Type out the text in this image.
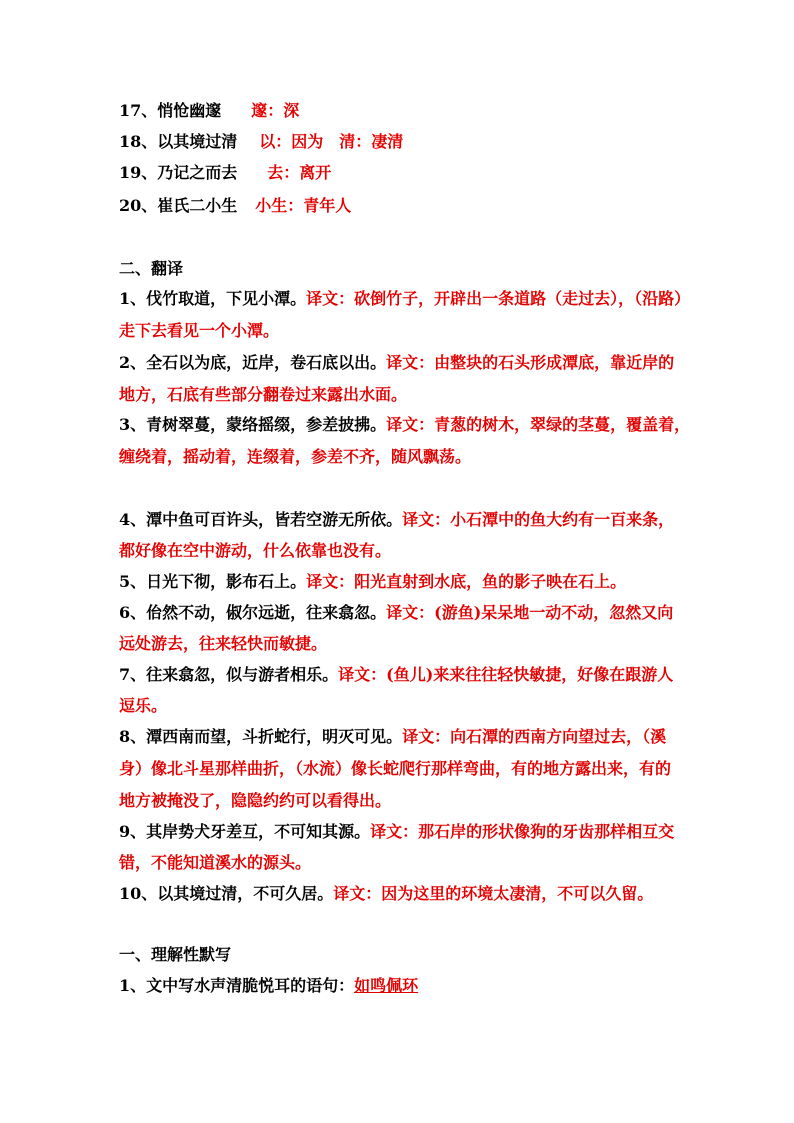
17、悄怆幽邃 邃：深
18、以其境过清 以：因为　清：凄清
19、乃记之而去 去：离开
20、崔氏二小生 小生：青年人
二、翻译
1、伐竹取道，下见小潭。译文：砍倒竹子，开辟出一条道路（走过去），（沿路）
走下去看见一个小潭。
2、全石以为底，近岸，卷石底以出。译文：由整块的石头形成潭底，靠近岸的
地方，石底有些部分翻卷过来露出水面。
3、青树翠蔓，蒙络摇缀，参差披拂。译文：青葱的树木，翠绿的茎蔓，覆盖着，
缠绕着，摇动着，连缀着，参差不齐，随风飘荡。
4、潭中鱼可百许头，皆若空游无所依。译文：小石潭中的鱼大约有一百来条，
都好像在空中游动，什么依靠也没有。
5、日光下彻，影布石上。译文：阳光直射到水底，鱼的影子映在石上。
6、佁然不动，俶尔远逝，往来翕忽。译文：(游鱼)呆呆地一动不动，忽然又向
远处游去，往来轻快而敏捷。
7、往来翕忽，似与游者相乐。译文：(鱼儿)来来往往轻快敏捷，好像在跟游人
逗乐。
8、潭西南而望，斗折蛇行，明灭可见。译文：向石潭的西南方向望过去，（溪
身）像北斗星那样曲折，（水流）像长蛇爬行那样弯曲，有的地方露出来，有的
地方被掩没了，隐隐约约可以看得出。
9、其岸势犬牙差互，不可知其源。译文：那石岸的形状像狗的牙齿那样相互交
错，不能知道溪水的源头。
10、以其境过清，不可久居。译文：因为这里的环境太凄清，不可以久留。
一、理解性默写
1、文中写水声清脆悦耳的语句：如鸣佩环
